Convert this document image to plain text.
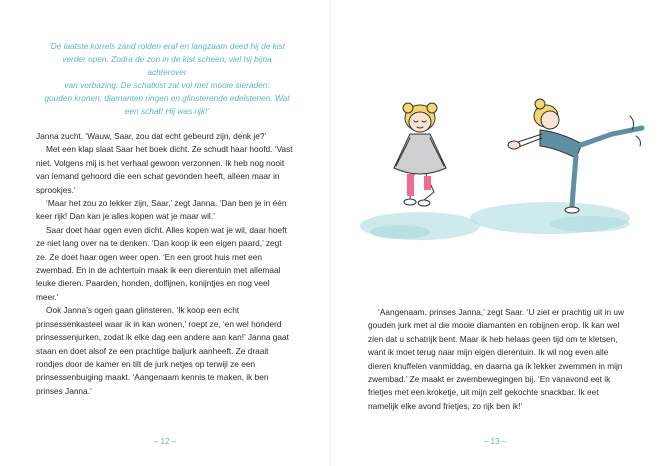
‘De laatste korrels zand rolden eraf en langzaam deed hij de kist

verder open. Zodra de zon in de kist scheen, viel hij bijna achterover

van verbazing. De schatkist zat vol met mooie sieraden:

gouden kronen, diamanten ringen en glinsterende edelstenen. Wat

een schat! Hij was rijk!’

Janna zucht. ‘Wauw, Saar, zou dat echt gebeurd zijn, denk je?’

Met een klap slaat Saar het boek dicht. Ze schudt haar hoofd. ‘Vast niet. Volgens mij is het verhaal gewoon verzonnen. Ik heb nog nooit van iemand gehoord die een schat gevonden heeft, alleen maar in sprookjes.’

‘Maar het zou zo lekker zijn, Saar,’ zegt Janna. ‘Dan ben je in één keer rijk! Dan kan je alles kopen wat je maar wil.’

Saar doet haar ogen even dicht. Alles kopen wat je wil, daar hoeft ze niet lang over na te denken. ‘Dan koop ik een eigen paard,’ zegt ze. Ze doet haar ogen weer open. ‘En een groot huis met een zwembad. En in de achtertuin maak ik een dierentuin met allemaal leuke dieren. Paarden, honden, dolfijnen, konijntjes en nog veel meer.’

Ook Janna’s ogen gaan glinsteren. ‘Ik koop een echt prinsessenkasteel waar ik in kan wonen,’ roept ze, ‘en wel honderd prinsessenjurken, zodat ik elke dag een andere aan kan!’ Janna gaat staan en doet alsof ze een prachtige baljurk aanheeft. Ze draait rondjes door de kamer en tilt de jurk netjes op terwijl ze een prinsessenbuiging maakt. ‘Aangenaam kennis te maken, ik ben prinses Janna.’

– 12 –

‘Aangenaam, prinses Janna,’ zegt Saar. ‘U ziet er prachtig uit in uw gouden jurk met al die mooie diamanten en robijnen erop. Ik kan wel zien dat u schatrijk bent. Maar ik heb helaas geen tijd om te kletsen, want ik moet terug naar mijn eigen dierentuin. Ik wil nog even alle dieren knuffelen vanmiddag, en daarna ga ik lekker zwemmen in mijn zwembad.’ Ze maakt er zwembewegingen bij. ‘En vanavond eet ik frietjes met een kroketje, uit mijn zelf gekochte snackbar. Ik eet namelijk elke avond frietjes, zo rijk ben ik!’

– 13 –
